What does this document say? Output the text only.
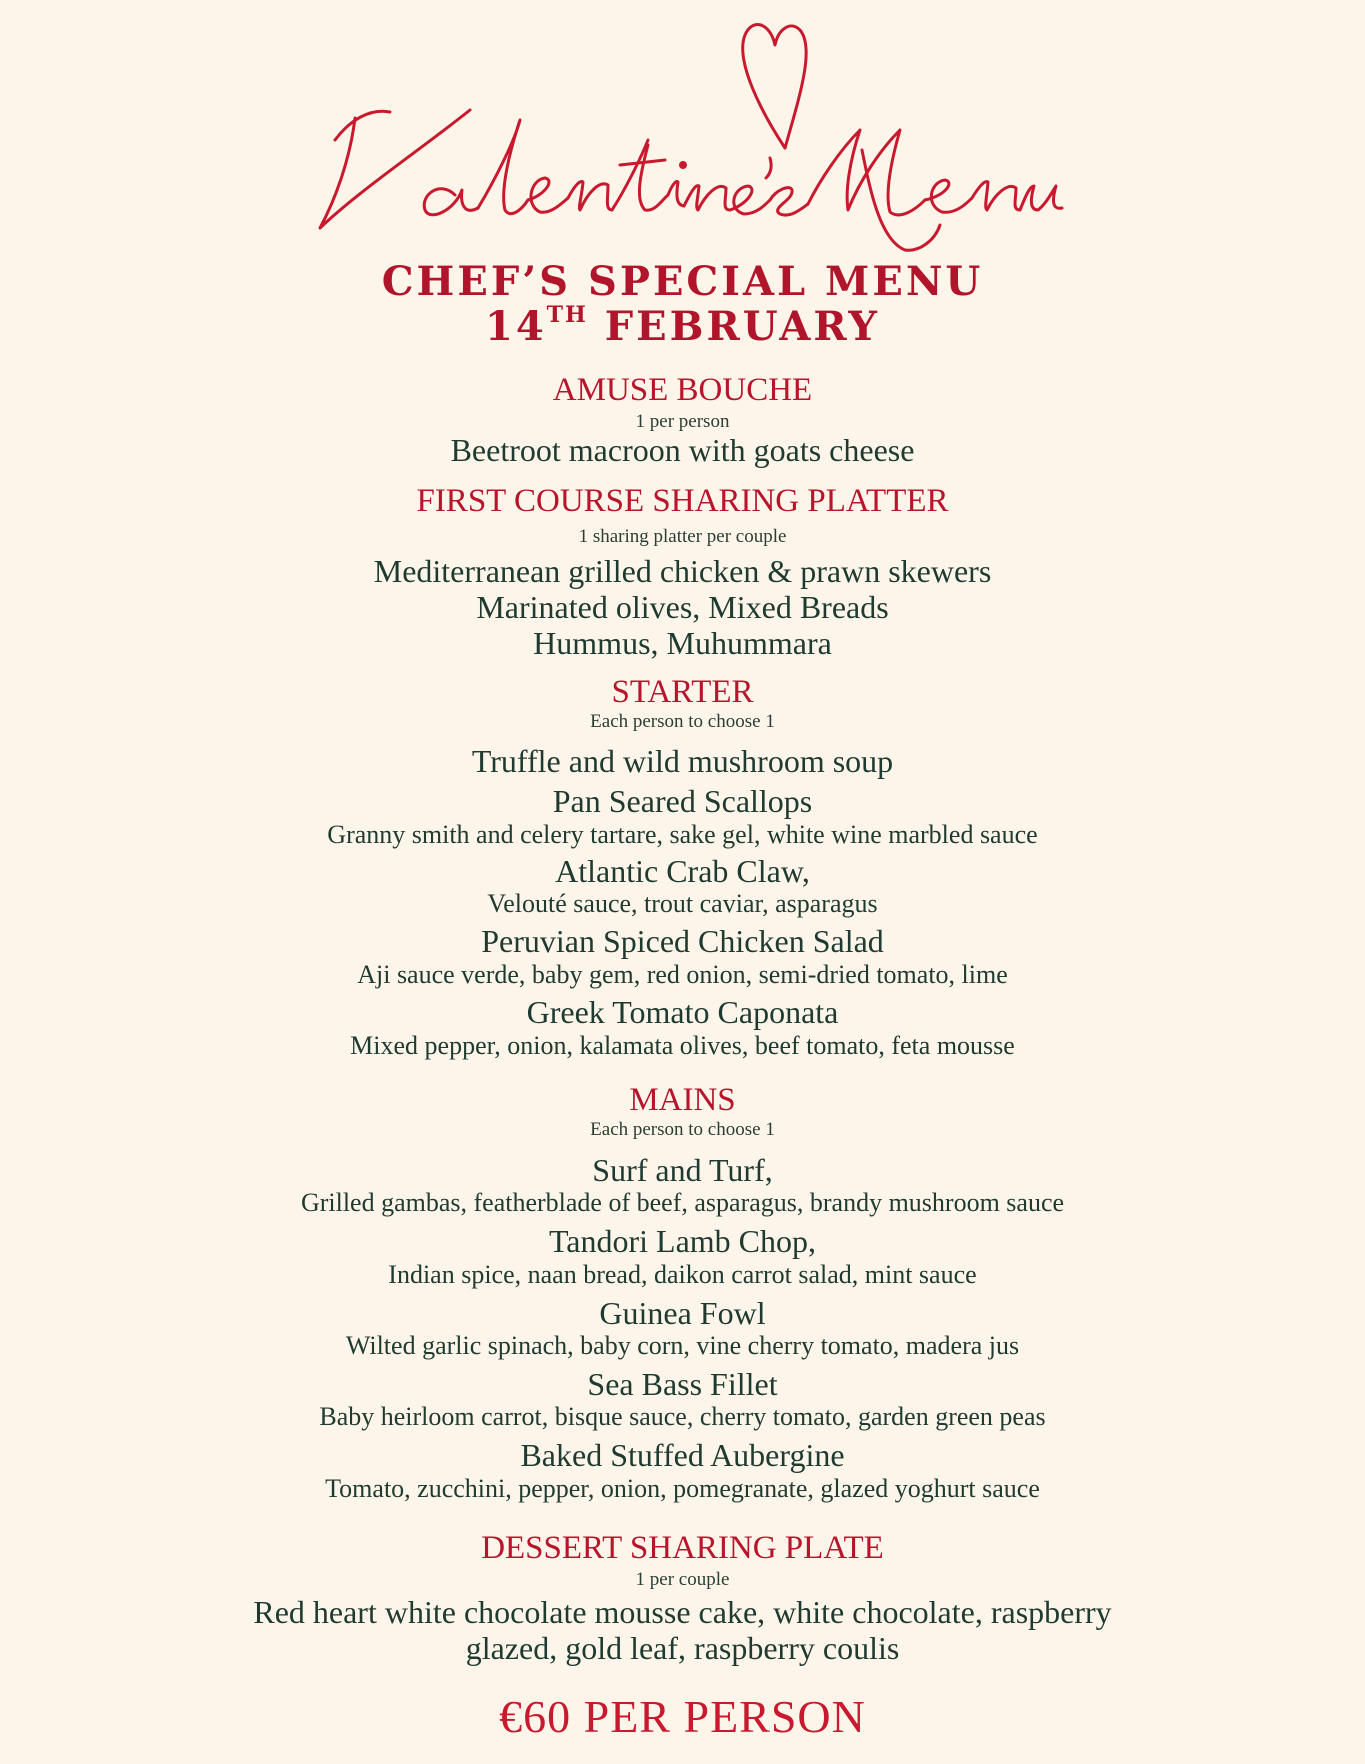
CHEF’S SPECIAL MENU
14TH FEBRUARY
AMUSE BOUCHE
1 per person
Beetroot macroon with goats cheese
FIRST COURSE SHARING PLATTER
1 sharing platter per couple
Mediterranean grilled chicken & prawn skewers
Marinated olives, Mixed Breads
Hummus, Muhummara
STARTER
Each person to choose 1
Truffle and wild mushroom soup
Pan Seared Scallops
Granny smith and celery tartare, sake gel, white wine marbled sauce
Atlantic Crab Claw,
Velouté sauce, trout caviar, asparagus
Peruvian Spiced Chicken Salad
Aji sauce verde, baby gem, red onion, semi-dried tomato, lime
Greek Tomato Caponata
Mixed pepper, onion, kalamata olives, beef tomato, feta mousse
MAINS
Each person to choose 1
Surf and Turf,
Grilled gambas, featherblade of beef, asparagus, brandy mushroom sauce
Tandori Lamb Chop,
Indian spice, naan bread, daikon carrot salad, mint sauce
Guinea Fowl
Wilted garlic spinach, baby corn, vine cherry tomato, madera jus
Sea Bass Fillet
Baby heirloom carrot, bisque sauce, cherry tomato, garden green peas
Baked Stuffed Aubergine
Tomato, zucchini, pepper, onion, pomegranate, glazed yoghurt sauce
DESSERT SHARING PLATE
1 per couple
Red heart white chocolate mousse cake, white chocolate, raspberry
glazed, gold leaf, raspberry coulis
€60 PER PERSON
